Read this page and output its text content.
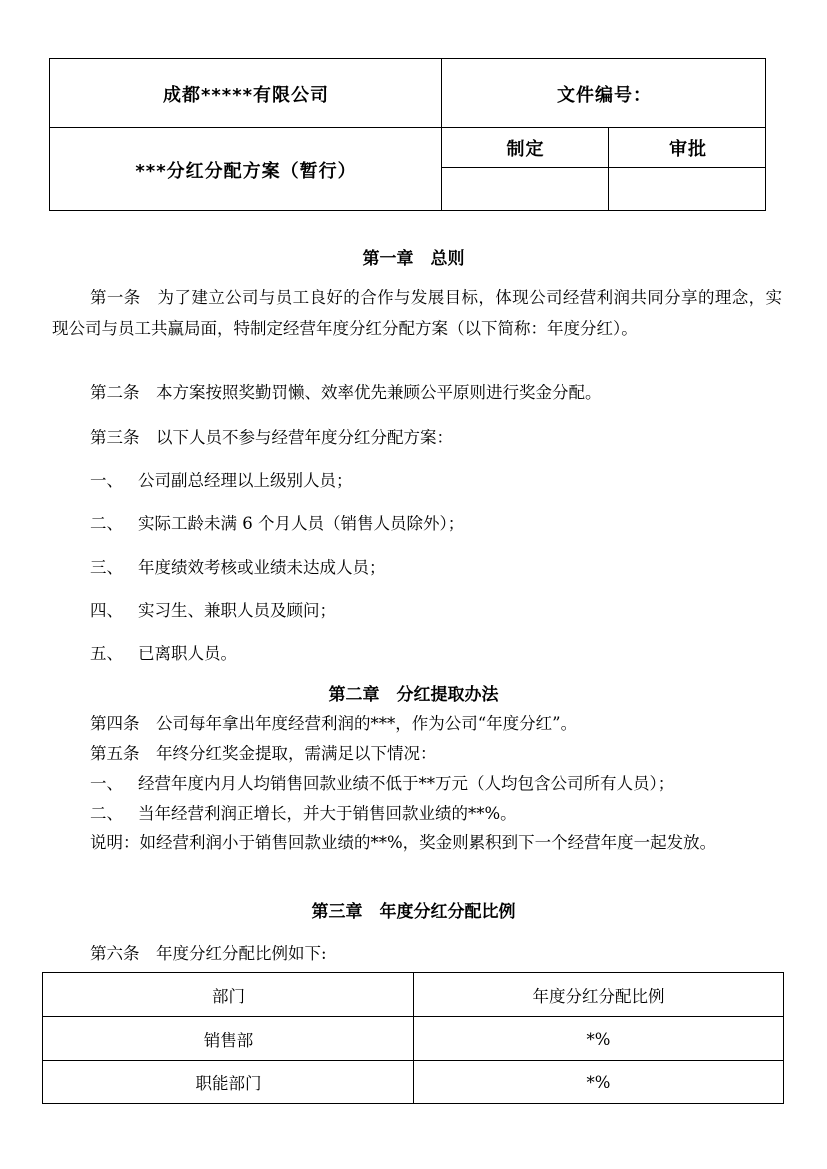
成都*****有限公司	文件编号：
***分红分配方案（暂行）
制定	审批
第一章　总则
第一条　为了建立公司与员工良好的合作与发展目标，体现公司经营利润共同分享的理念，实现公司与员工共赢局面，特制定经营年度分红分配方案（以下简称：年度分红）。
第二条　本方案按照奖勤罚懒、效率优先兼顾公平原则进行奖金分配。
第三条　以下人员不参与经营年度分红分配方案：
一、 公司副总经理以上级别人员；
二、 实际工龄未满 6 个月人员（销售人员除外）；
三、 年度绩效考核或业绩未达成人员；
四、 实习生、兼职人员及顾问；
五、 已离职人员。
第二章　分红提取办法
第四条　公司每年拿出年度经营利润的***，作为公司“年度分红”。
第五条　年终分红奖金提取，需满足以下情况：
一、 经营年度内月人均销售回款业绩不低于**万元（人均包含公司所有人员）；
二、 当年经营利润正增长，并大于销售回款业绩的**%。
说明：如经营利润小于销售回款业绩的**%，奖金则累积到下一个经营年度一起发放。
第三章　年度分红分配比例
第六条　年度分红分配比例如下:
部门	年度分红分配比例
销售部	*%
职能部门	*%
